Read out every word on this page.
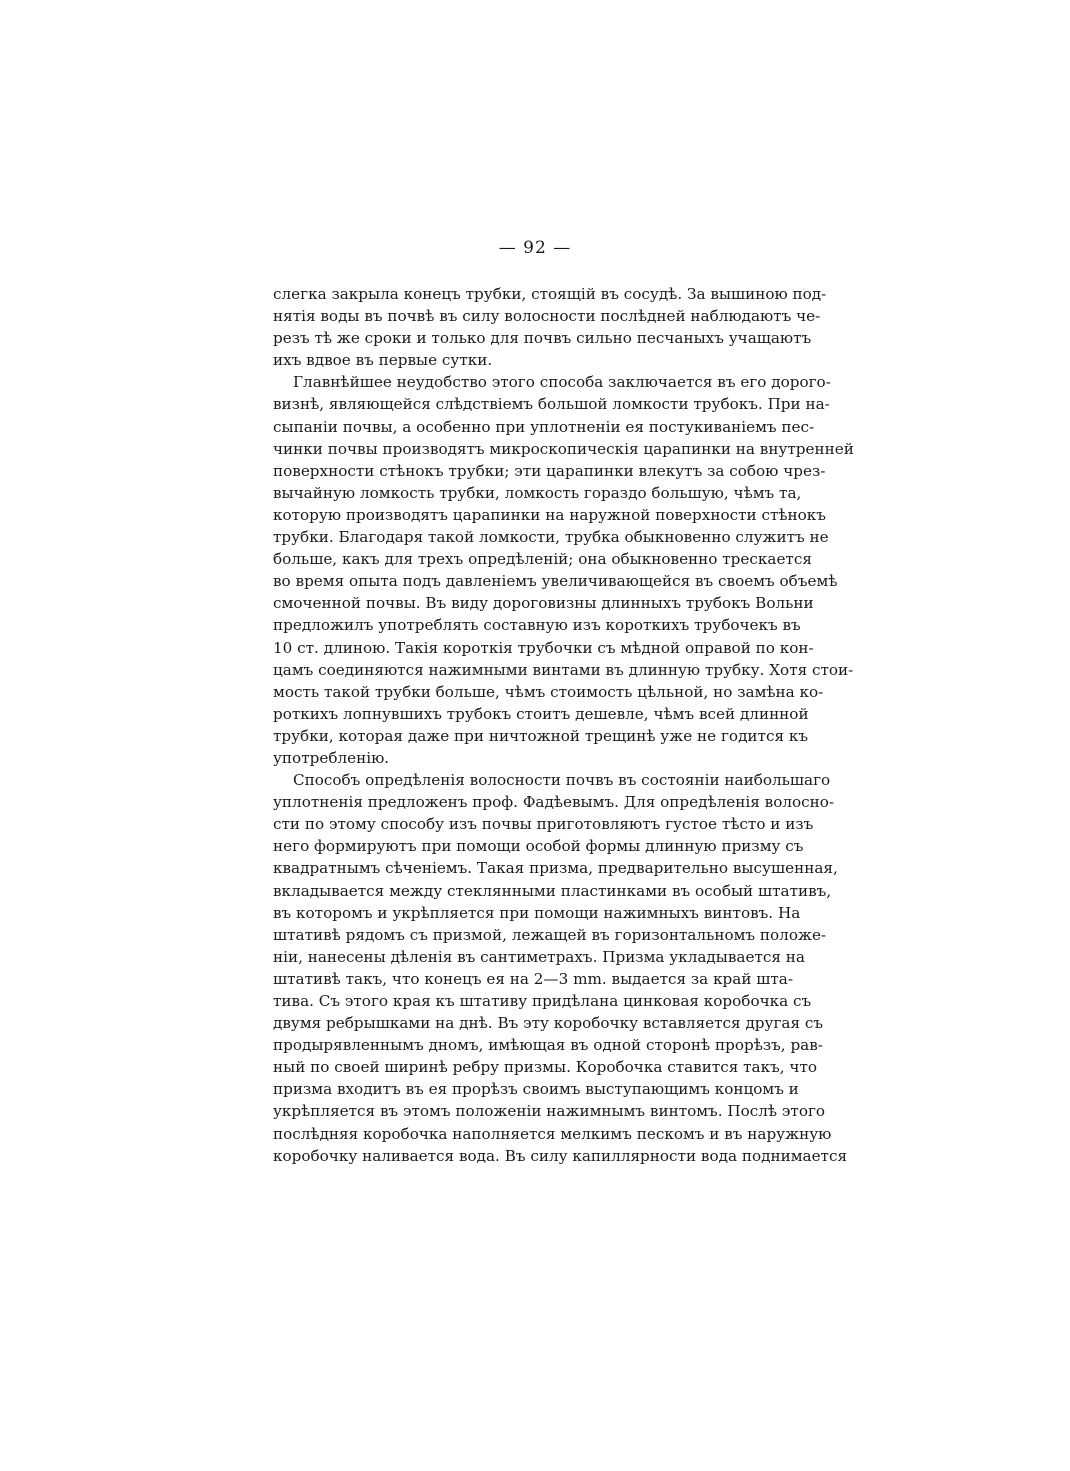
— 92 —
слегка закрыла конецъ трубки, стоящiй въ сосудѣ. За вышиною под-
нятiя воды въ почвѣ въ силу волосности послѣдней наблюдаютъ че-
резъ тѣ же сроки и только для почвъ сильно песчаныхъ учащаютъ
ихъ вдвое въ первые сутки.
Главнѣйшее неудобство этого способа заключается въ его дорого-
визнѣ, являющейся слѣдствiемъ большой ломкости трубокъ. При на-
сыпанiи почвы, а особенно при уплотненiи ея постукиванiемъ пес-
чинки почвы производятъ микроскопическiя царапинки на внутренней
поверхности стѣнокъ трубки; эти царапинки влекутъ за собою чрез-
вычайную ломкость трубки, ломкость гораздо большую, чѣмъ та,
которую производятъ царапинки на наружной поверхности стѣнокъ
трубки. Благодаря такой ломкости, трубка обыкновенно служитъ не
больше, какъ для трехъ опредѣленiй; она обыкновенно трескается
во время опыта подъ давленiемъ увеличивающейся въ своемъ объемѣ
смоченной почвы. Въ виду дороговизны длинныхъ трубокъ Вольни
предложилъ употреблять составную изъ короткихъ трубочекъ въ
10 ст. длиною. Такiя короткiя трубочки съ мѣдной оправой по кон-
цамъ соединяются нажимными винтами въ длинную трубку. Хотя стои-
мость такой трубки больше, чѣмъ стоимость цѣльной, но замѣна ко-
роткихъ лопнувшихъ трубокъ стоитъ дешевле, чѣмъ всей длинной
трубки, которая даже при ничтожной трещинѣ уже не годится къ
употребленiю.
Способъ опредѣленiя волосности почвъ въ состоянiи наибольшаго
уплотненiя предложенъ проф. Фадѣевымъ. Для опредѣленiя волосно-
сти по этому способу изъ почвы приготовляютъ густое тѣсто и изъ
него формируютъ при помощи особой формы длинную призму съ
квадратнымъ сѣченiемъ. Такая призма, предварительно высушенная,
вкладывается между стеклянными пластинками въ особый штативъ,
въ которомъ и укрѣпляется при помощи нажимныхъ винтовъ. На
штативѣ рядомъ съ призмой, лежащей въ горизонтальномъ положе-
нiи, нанесены дѣленiя въ сантиметрахъ. Призма укладывается на
штативѣ такъ, что конецъ ея на 2—3 mm. выдается за край шта-
тива. Съ этого края къ штативу придѣлана цинковая коробочка съ
двумя ребрышками на днѣ. Въ эту коробочку вставляется другая съ
продырявленнымъ дномъ, имѣющая въ одной сторонѣ прорѣзъ, рав-
ный по своей ширинѣ ребру призмы. Коробочка ставится такъ, что
призма входитъ въ ея прорѣзъ своимъ выступающимъ концомъ и
укрѣпляется въ этомъ положенiи нажимнымъ винтомъ. Послѣ этого
послѣдняя коробочка наполняется мелкимъ пескомъ и въ наружную
коробочку наливается вода. Въ силу капиллярности вода поднимается
